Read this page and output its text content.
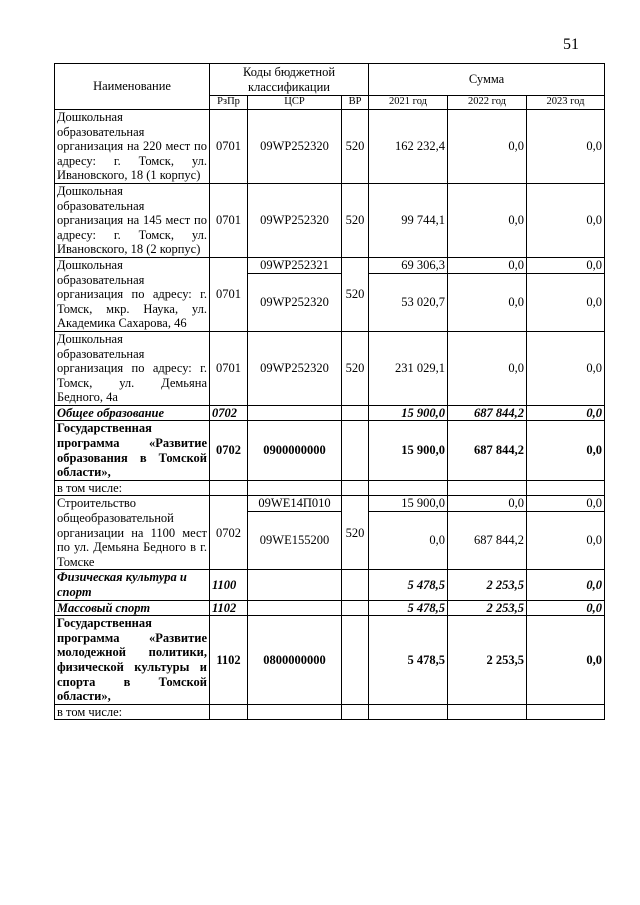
51
Наименование	Коды бюджетной классификации			Сумма		
	РзПр	ЦСР	ВР	2021 год	2022 год	2023 год
Дошкольная образовательная организация на 220 мест по адресу: г. Томск, ул. Ивановского, 18 (1 корпус)	0701	09WP252320	520	162 232,4	0,0	0,0
Дошкольная образовательная организация на 145 мест по адресу: г. Томск, ул. Ивановского, 18 (2 корпус)	0701	09WP252320	520	99 744,1	0,0	0,0
Дошкольная образовательная организация по адресу: г. Томск, мкр. Наука, ул. Академика Сахарова, 46	0701	09WP252321	520	69 306,3	0,0	0,0
		09WP252320		53 020,7	0,0	0,0
Дошкольная образовательная организация по адресу: г. Томск, ул. Демьяна Бедного, 4а	0701	09WP252320	520	231 029,1	0,0	0,0
Общее образование	0702			15 900,0	687 844,2	0,0
Государственная программа «Развитие образования в Томской области»,	0702	0900000000		15 900,0	687 844,2	0,0
в том числе:						
Строительство общеобразовательной организации на 1100 мест по ул. Демьяна Бедного в г. Томске	0702	09WE14П010	520	15 900,0	0,0	0,0
		09WE155200		0,0	687 844,2	0,0
Физическая культура и спорт	1100			5 478,5	2 253,5	0,0
Массовый спорт	1102			5 478,5	2 253,5	0,0
Государственная программа «Развитие молодежной политики, физической культуры и спорта в Томской области»,	1102	0800000000		5 478,5	2 253,5	0,0
в том числе:						
